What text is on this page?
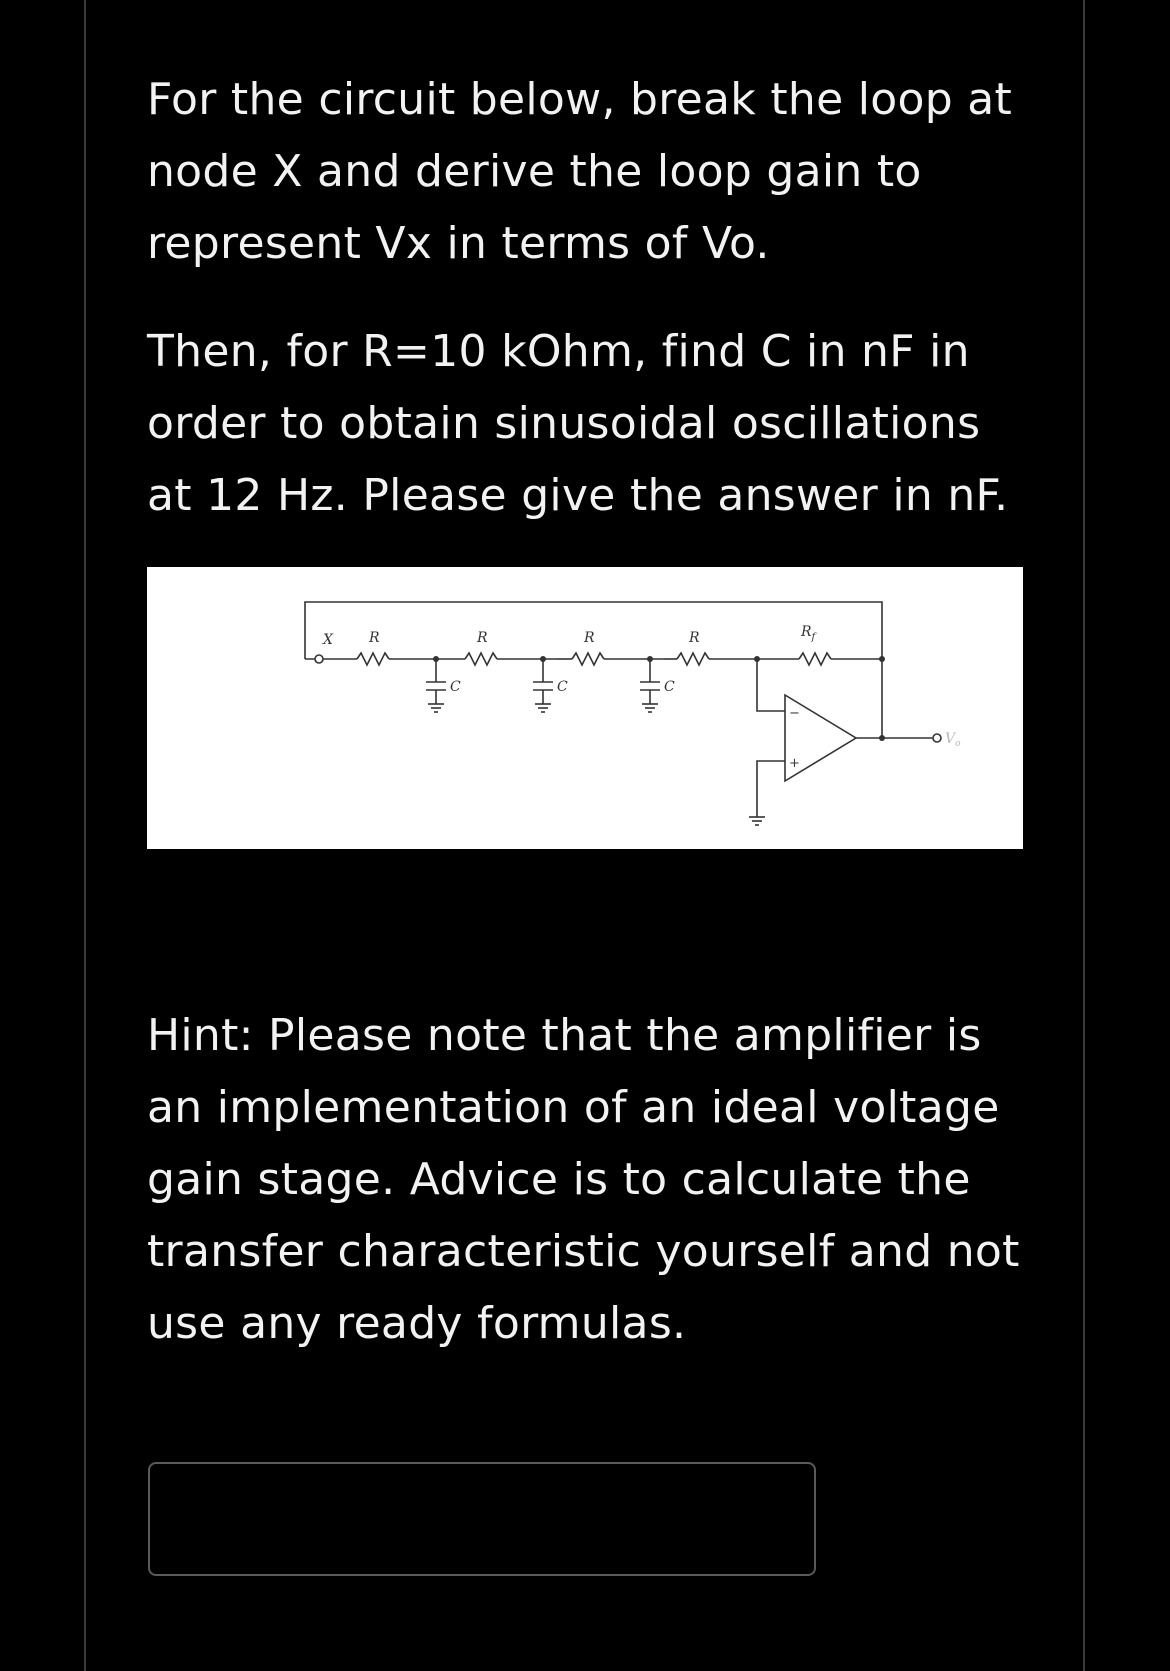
For the circuit below, break the loop at node X and derive the loop gain to represent Vx in terms of Vo.

Then, for R=10 kOhm, find C in nF in order to obtain sinusoidal oscillations at 12 Hz. Please give the answer in nF.

X	R	R	R	R
C	C	C
$R_f$
−
+
$V_o$

Hint: Please note that the amplifier is an implementation of an ideal voltage gain stage. Advice is to calculate the transfer characteristic yourself and not use any ready formulas.
